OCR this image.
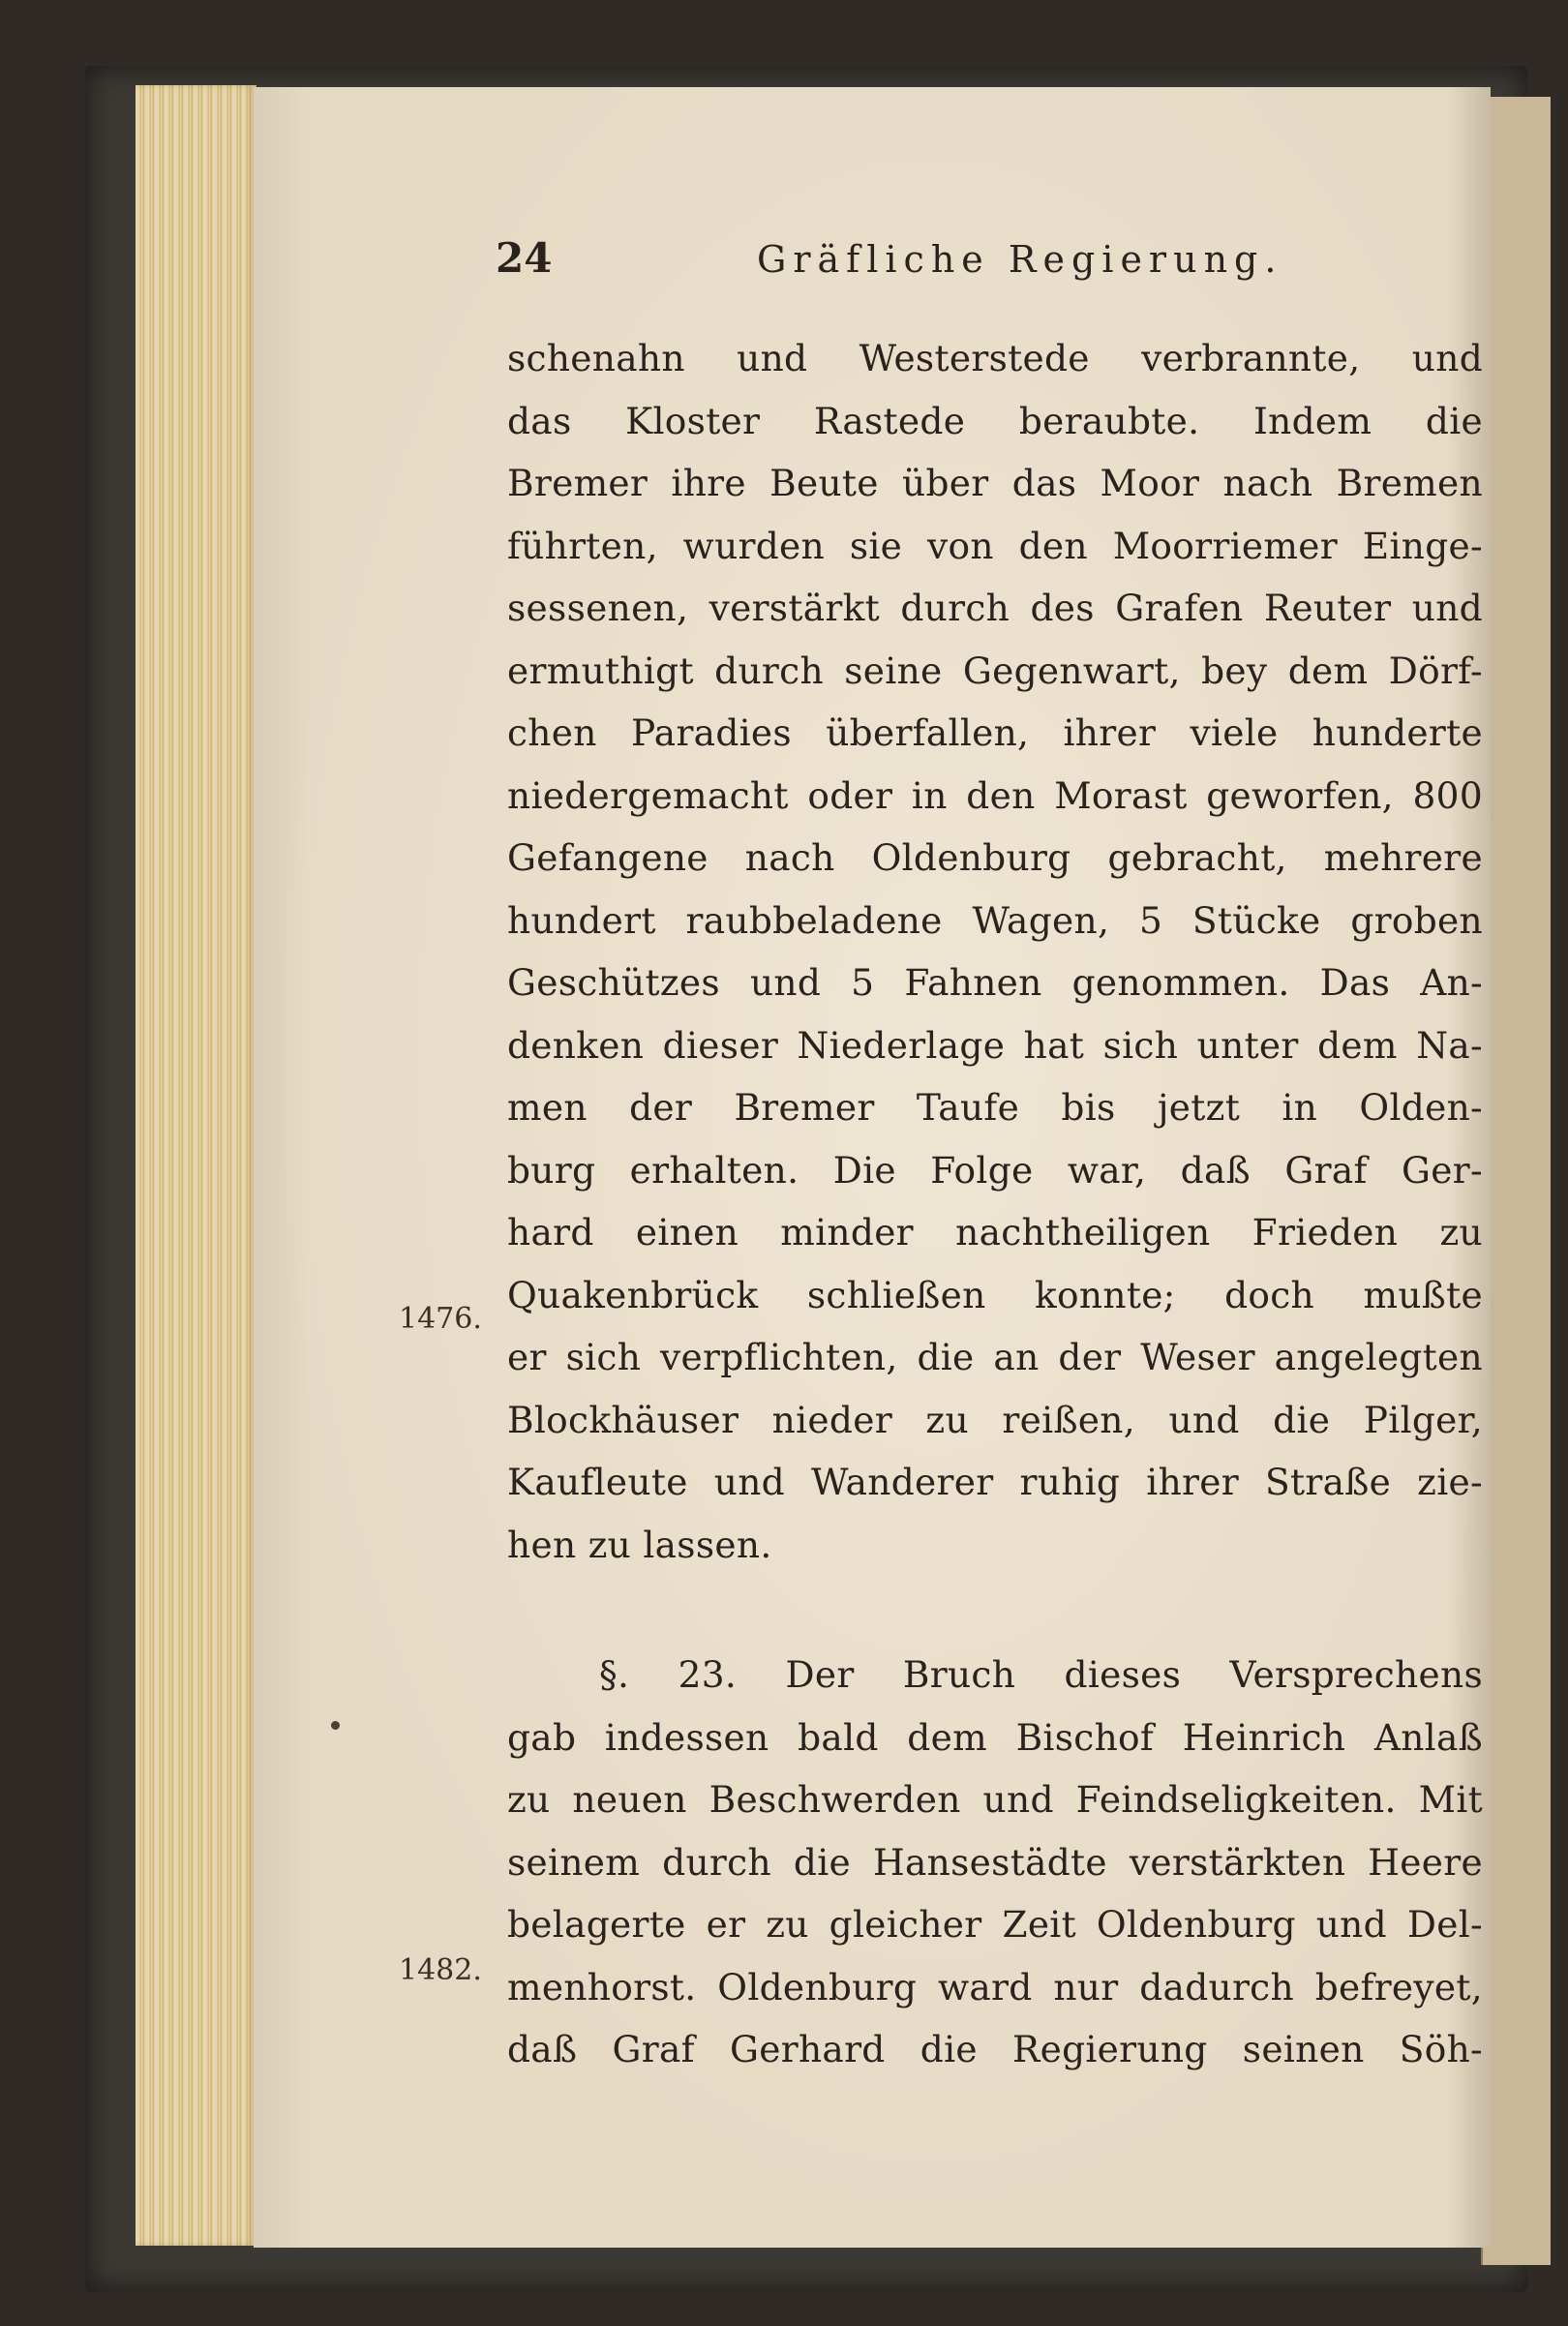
24	Gräfliche Regierung.
schenahn und Westerstede verbrannte, und
das Kloster Rastede beraubte. Indem die
Bremer ihre Beute über das Moor nach Bremen
führten, wurden sie von den Moorriemer Einge-
sessenen, verstärkt durch des Grafen Reuter und
ermuthigt durch seine Gegenwart, bey dem Dörf-
chen Paradies überfallen, ihrer viele hunderte
niedergemacht oder in den Morast geworfen, 800
Gefangene nach Oldenburg gebracht, mehrere
hundert raubbeladene Wagen, 5 Stücke groben
Geschützes und 5 Fahnen genommen. Das An-
denken dieser Niederlage hat sich unter dem Na-
men der Bremer Taufe bis jetzt in Olden-
burg erhalten. Die Folge war, daß Graf Ger-
hard einen minder nachtheiligen Frieden zu
Quakenbrück schließen konnte; doch mußte
er sich verpflichten, die an der Weser angelegten
Blockhäuser nieder zu reißen, und die Pilger,
Kaufleute und Wanderer ruhig ihrer Straße zie-
hen zu lassen.
§. 23. Der Bruch dieses Versprechens
gab indessen bald dem Bischof Heinrich Anlaß
zu neuen Beschwerden und Feindseligkeiten. Mit
seinem durch die Hansestädte verstärkten Heere
belagerte er zu gleicher Zeit Oldenburg und Del-
menhorst. Oldenburg ward nur dadurch befreyet,
daß Graf Gerhard die Regierung seinen Söh-
1476.
1482.
